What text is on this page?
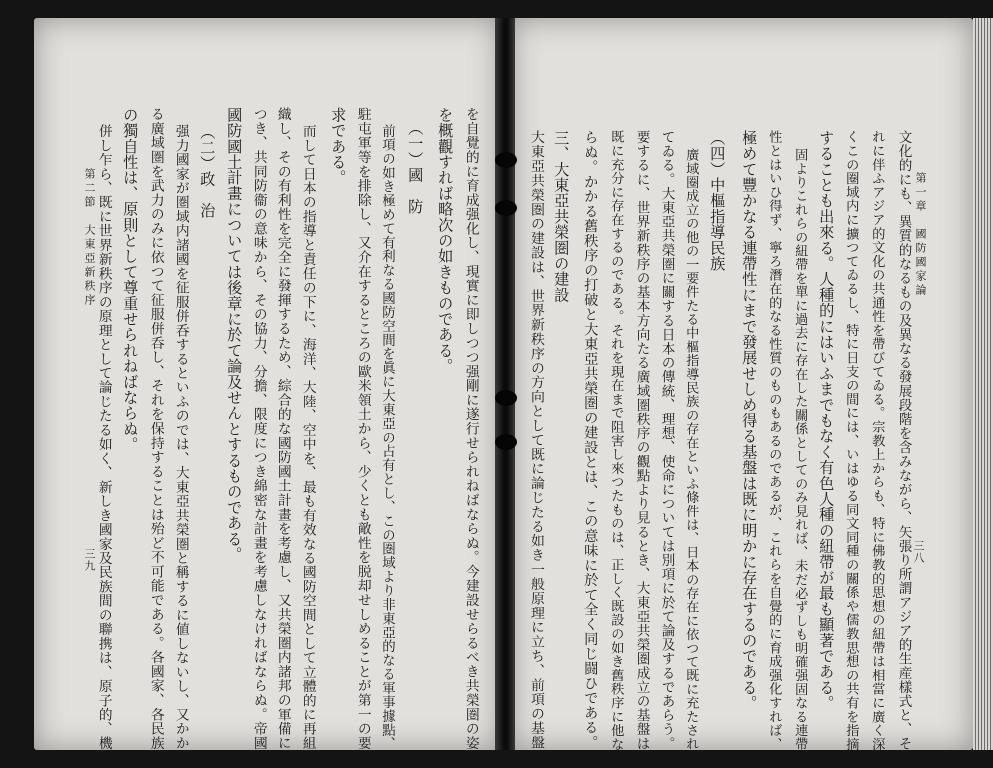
第一章　國防國家論
三八
文化的にも、異質的なるもの及異なる發展段階を含みながら、矢張り所謂アジア的生産樣式と、そ
れに伴ふアジア的文化の共通性を帶びてゐる。宗教上からも、特に佛教的思想の紐帶は相當に廣く深
くこの圈域内に擴つてゐるし、特に日支の間には、いはゆる同文同種の關係や儒教思想の共有を指摘
することも出來る。人種的にはいふまでもなく有色人種の紐帶が最も顯著である。
固よりこれらの紐帶を單に過去に存在した關係としてのみ見れば、未だ必ずしも明確强固なる連帶
性とはいひ得ず、寧ろ潛在的なる性質のものもあるのであるが、これらを自覺的に育成强化すれば、
極めて豐かなる連帶性にまで發展せしめ得る基盤は既に明かに存在するのである。
（四）中樞指導民族
廣域圈成立の他の一要件たる中樞指導民族の存在といふ條件は、日本の存在に依つて既に充たされ
てゐる。大東亞共榮圏に關する日本の傳統、理想、使命については別項に於て論及するであらう。
要するに、世界新秩序の基本方向たる廣域圏秩序の觀點より見るとき、大東亞共榮圏成立の基盤は
既に充分に存在するのである。それを現在まで阻害し來つたものは、正しく既設の如き舊秩序に他な
らぬ。かかる舊秩序の打破と大東亞共榮圏の建設とは、この意味に於て全く同じ闘ひである。
三、大東亞共榮圏の建設
大東亞共榮圏の建設は、世界新秩序の方向として既に論じたる如き一般原理に立ち、前項の基盤
第二節　大東亞新秩序
三九	を自覺的に育成强化し、現實に即しつつ强剛に遂行せられねばならぬ。今建設せらるべき共榮圏の姿
を概觀すれば略次の如きものである。
（一）國　防
前項の如き極めて有利なる國防空間を眞に大東亞の占有とし、この圏域より非東亞的なる軍事據點、
駐屯軍等を排除し、又介在するところの歐米領土から、少くとも敵性を脱却せしめることが第一の要
求である。
而して日本の指導と責任の下に、海洋、大陸、空中を、最も有效なる國防空間として立體的に再組
織し、その有利性を完全に發揮するため、綜合的な國防國土計畫を考慮し、又共榮圏内諸邦の軍備に
つき、共同防衞の意味から、その協力、分擔、限度につき綿密な計畫を考慮しなければならぬ。帝國
國防國土計畫については後章に於て論及せんとするものである。
（二）政　治
强力國家が圏域内諸國を征服併呑するといふのでは、大東亞共榮圏と稱するに値しないし、又かか
る廣域圏を武力のみに依つて征服併呑し、それを保持することは殆ど不可能である。各國家、各民族
の獨自性は、原則として尊重せられねばならぬ。
併し乍ら、既に世界新秩序の原理として論じたる如く、新しき國家及民族間の聯携は、原子的、機
